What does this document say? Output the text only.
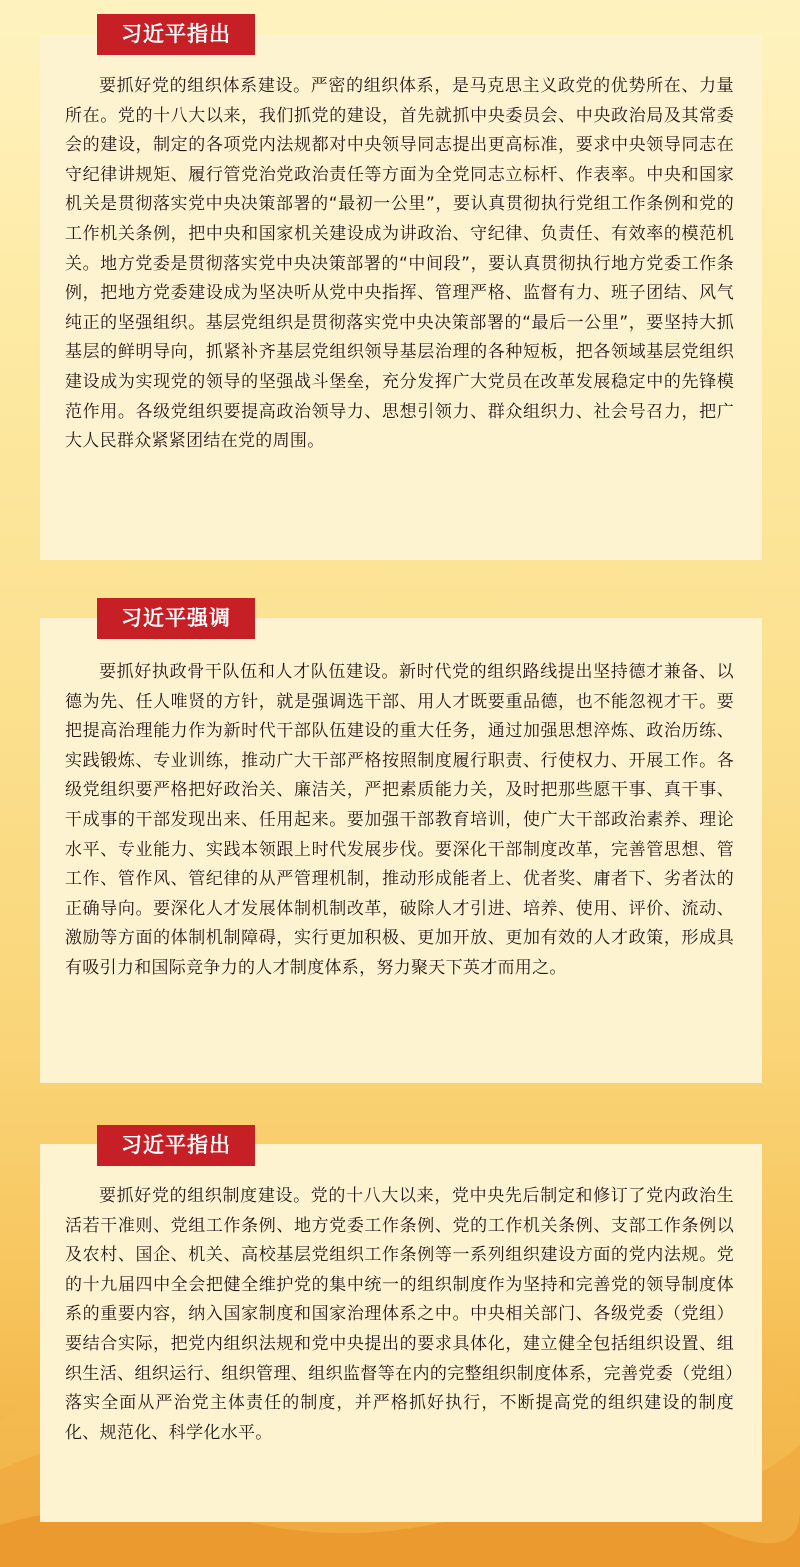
要抓好党的组织体系建设。严密的组织体系，是马克思主义政党的优势所在、力量所在。党的十八大以来，我们抓党的建设，首先就抓中央委员会、中央政治局及其常委会的建设，制定的各项党内法规都对中央领导同志提出更高标准，要求中央领导同志在守纪律讲规矩、履行管党治党政治责任等方面为全党同志立标杆、作表率。中央和国家机关是贯彻落实党中央决策部署的“最初一公里”，要认真贯彻执行党组工作条例和党的工作机关条例，把中央和国家机关建设成为讲政治、守纪律、负责任、有效率的模范机关。地方党委是贯彻落实党中央决策部署的“中间段”，要认真贯彻执行地方党委工作条例，把地方党委建设成为坚决听从党中央指挥、管理严格、监督有力、班子团结、风气纯正的坚强组织。基层党组织是贯彻落实党中央决策部署的“最后一公里”，要坚持大抓基层的鲜明导向，抓紧补齐基层党组织领导基层治理的各种短板，把各领域基层党组织建设成为实现党的领导的坚强战斗堡垒，充分发挥广大党员在改革发展稳定中的先锋模范作用。各级党组织要提高政治领导力、思想引领力、群众组织力、社会号召力，把广大人民群众紧紧团结在党的周围。

习近平指出

要抓好执政骨干队伍和人才队伍建设。新时代党的组织路线提出坚持德才兼备、以德为先、任人唯贤的方针，就是强调选干部、用人才既要重品德，也不能忽视才干。要把提高治理能力作为新时代干部队伍建设的重大任务，通过加强思想淬炼、政治历练、实践锻炼、专业训练，推动广大干部严格按照制度履行职责、行使权力、开展工作。各级党组织要严格把好政治关、廉洁关，严把素质能力关，及时把那些愿干事、真干事、干成事的干部发现出来、任用起来。要加强干部教育培训，使广大干部政治素养、理论水平、专业能力、实践本领跟上时代发展步伐。要深化干部制度改革，完善管思想、管工作、管作风、管纪律的从严管理机制，推动形成能者上、优者奖、庸者下、劣者汰的正确导向。要深化人才发展体制机制改革，破除人才引进、培养、使用、评价、流动、激励等方面的体制机制障碍，实行更加积极、更加开放、更加有效的人才政策，形成具有吸引力和国际竞争力的人才制度体系，努力聚天下英才而用之。

习近平强调

要抓好党的组织制度建设。党的十八大以来，党中央先后制定和修订了党内政治生活若干准则、党组工作条例、地方党委工作条例、党的工作机关条例、支部工作条例以及农村、国企、机关、高校基层党组织工作条例等一系列组织建设方面的党内法规。党的十九届四中全会把健全维护党的集中统一的组织制度作为坚持和完善党的领导制度体系的重要内容，纳入国家制度和国家治理体系之中。中央相关部门、各级党委（党组）要结合实际，把党内组织法规和党中央提出的要求具体化，建立健全包括组织设置、组织生活、组织运行、组织管理、组织监督等在内的完整组织制度体系，完善党委（党组）落实全面从严治党主体责任的制度，并严格抓好执行，不断提高党的组织建设的制度化、规范化、科学化水平。

习近平指出
